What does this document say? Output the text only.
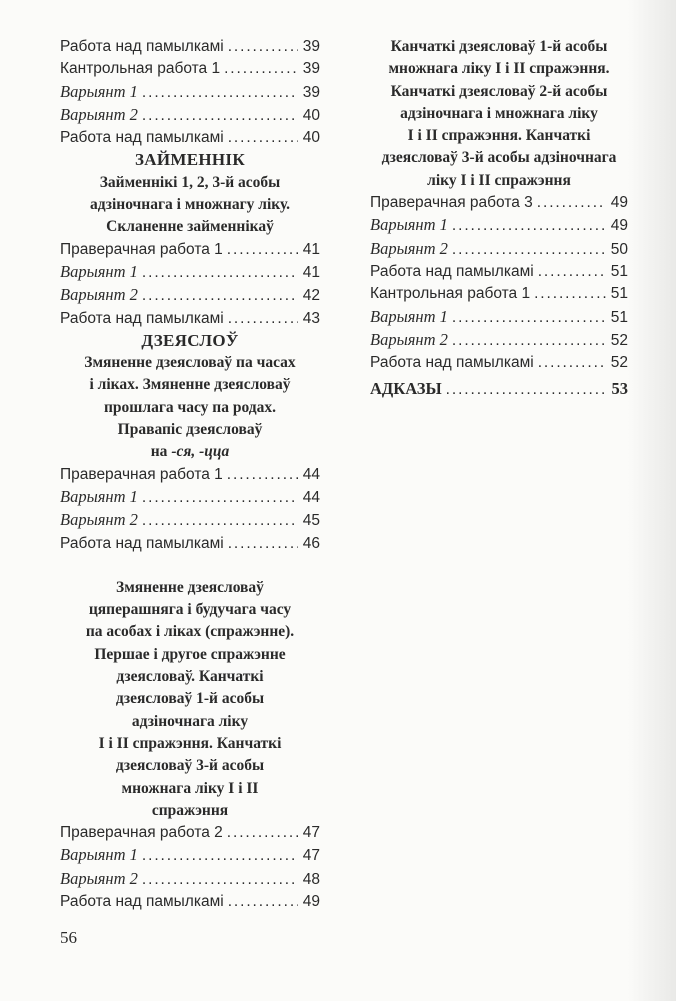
Работа над памылкамі . . .	39
Кантрольная работа 1 . . .	39
Варыянт 1 . . .	39
Варыянт 2 . . .	40
Работа над памылкамі . . .	40
ЗАЙМЕННІК
Займеннікі 1, 2, 3-й асобы
адзіночнага і множнагу ліку.
Скланенне займеннікаў
Праверачная работа 1 . . .	41
Варыянт 1 . . .	41
Варыянт 2 . . .	42
Работа над памылкамі . . .	43
ДЗЕЯСЛОЎ
Змяненне дзеясловаў па часах
і ліках. Змяненне дзеясловаў
прошлага часу па родах.
Правапіс дзеясловаў
на -ся, -цца
Праверачная работа 1 . . .	44
Варыянт 1 . . .	44
Варыянт 2 . . .	45
Работа над памылкамі . . .	46
Змяненне дзеясловаў
цяперашняга і будучага часу
па асобах і ліках (спражэнне).
Першае і другое спражэнне
дзеясловаў. Канчаткі
дзеясловаў 1-й асобы
адзіночнага ліку
I і II спражэння. Канчаткі
дзеясловаў 3-й асобы
множнага ліку I і II
спражэння
Праверачная работа 2 . . .	47
Варыянт 1 . . .	47
Варыянт 2 . . .	48
Работа над памылкамі . . .	49
Канчаткі дзеясловаў 1-й асобы
множнага ліку I і II спражэння.
Канчаткі дзеясловаў 2-й асобы
адзіночнага і множнага ліку
I і II спражэння. Канчаткі
дзеясловаў 3-й асобы адзіночнага
ліку I і II спражэння
Праверачная работа 3 . . .	49
Варыянт 1 . . .	49
Варыянт 2 . . .	50
Работа над памылкамі . . .	51
Кантрольная работа 1 . . .	51
Варыянт 1 . . .	51
Варыянт 2 . . .	52
Работа над памылкамі . . .	52
АДКАЗЫ . . .	53
56
